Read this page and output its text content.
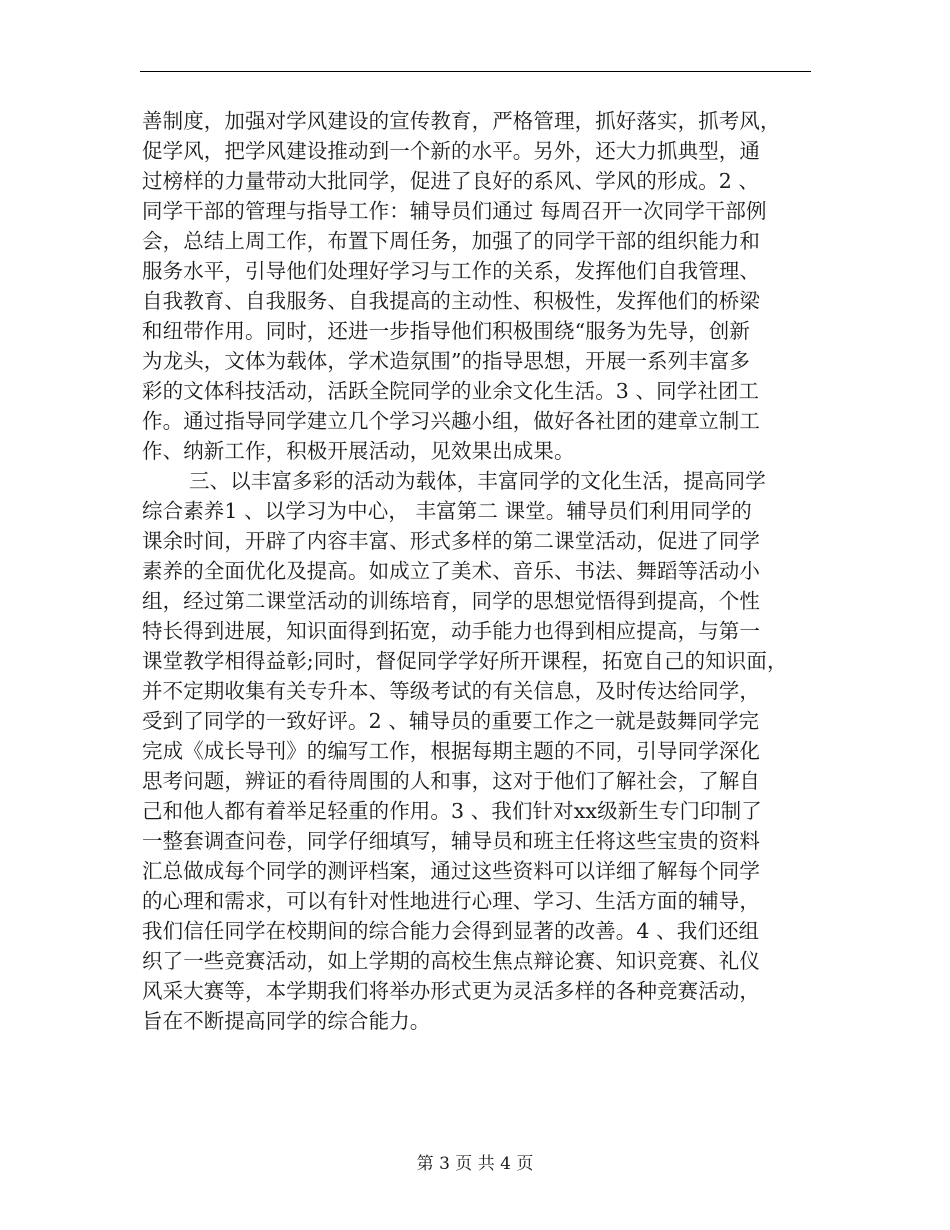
善制度，加强对学风建设的宣传教育，严格管理，抓好落实，抓考风，
促学风，把学风建设推动到一个新的水平。另外，还大力抓典型，通
过榜样的力量带动大批同学，促进了良好的系风、学风的形成。2 、
同学干部的管理与指导工作：辅导员们通过 每周召开一次同学干部例
会，总结上周工作，布置下周任务，加强了的同学干部的组织能力和
服务水平，引导他们处理好学习与工作的关系，发挥他们自我管理、
自我教育、自我服务、自我提高的主动性、积极性，发挥他们的桥梁
和纽带作用。同时，还进一步指导他们积极围绕“服务为先导，创新
为龙头，文体为载体，学术造氛围”的指导思想，开展一系列丰富多
彩的文体科技活动，活跃全院同学的业余文化生活。3 、同学社团工
作。通过指导同学建立几个学习兴趣小组，做好各社团的建章立制工
作、纳新工作，积极开展活动，见效果出成果。
三、以丰富多彩的活动为载体，丰富同学的文化生活，提高同学
综合素养1 、以学习为中心， 丰富第二 课堂。辅导员们利用同学的
课余时间，开辟了内容丰富、形式多样的第二课堂活动，促进了同学
素养的全面优化及提高。如成立了美术、音乐、书法、舞蹈等活动小
组，经过第二课堂活动的训练培育，同学的思想觉悟得到提高，个性
特长得到进展，知识面得到拓宽，动手能力也得到相应提高，与第一
课堂教学相得益彰;同时，督促同学学好所开课程，拓宽自己的知识面，
并不定期收集有关专升本、等级考试的有关信息，及时传达给同学，
受到了同学的一致好评。2 、辅导员的重要工作之一就是鼓舞同学完
完成《成长导刊》的编写工作，根据每期主题的不同，引导同学深化
思考问题，辨证的看待周围的人和事，这对于他们了解社会，了解自
己和他人都有着举足轻重的作用。3 、我们针对xx级新生专门印制了
一整套调查问卷，同学仔细填写，辅导员和班主任将这些宝贵的资料
汇总做成每个同学的测评档案，通过这些资料可以详细了解每个同学
的心理和需求，可以有针对性地进行心理、学习、生活方面的辅导，
我们信任同学在校期间的综合能力会得到显著的改善。4 、我们还组
织了一些竞赛活动，如上学期的高校生焦点辩论赛、知识竞赛、礼仪
风采大赛等，本学期我们将举办形式更为灵活多样的各种竞赛活动，
旨在不断提高同学的综合能力。
第 3 页 共 4 页
